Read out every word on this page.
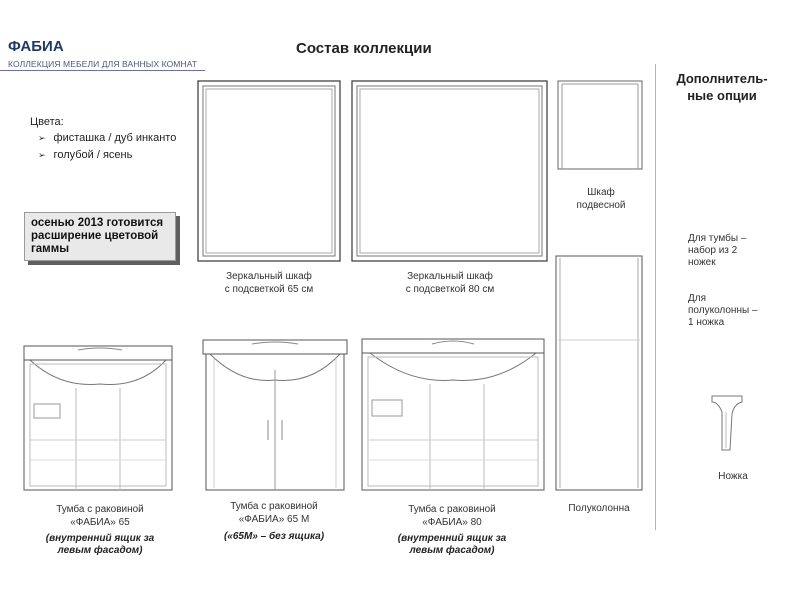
ФАБИА
КОЛЛЕКЦИЯ МЕБЕЛИ ДЛЯ ВАННЫХ КОМНАТ
Состав коллекции
Цвета:
➢ фисташка / дуб инканто
➢ голубой / ясень
осенью 2013 готовится расширение цветовой гаммы
Зеркальный шкаф
с подсветкой 65 см
Зеркальный шкаф
с подсветкой 80 см
Шкаф
подвесной
Тумба с раковиной
«ФАБИА» 65
(внутренний ящик за
левым фасадом)
Тумба с раковиной
«ФАБИА» 65 М
(«65М» – без ящика)
Тумба с раковиной
«ФАБИА» 80
(внутренний ящик за
левым фасадом)
Полуколонна
Дополнитель-
ные опции
Для тумбы –
набор из 2
ножек
Для
полуколонны –
1 ножка
Ножка
